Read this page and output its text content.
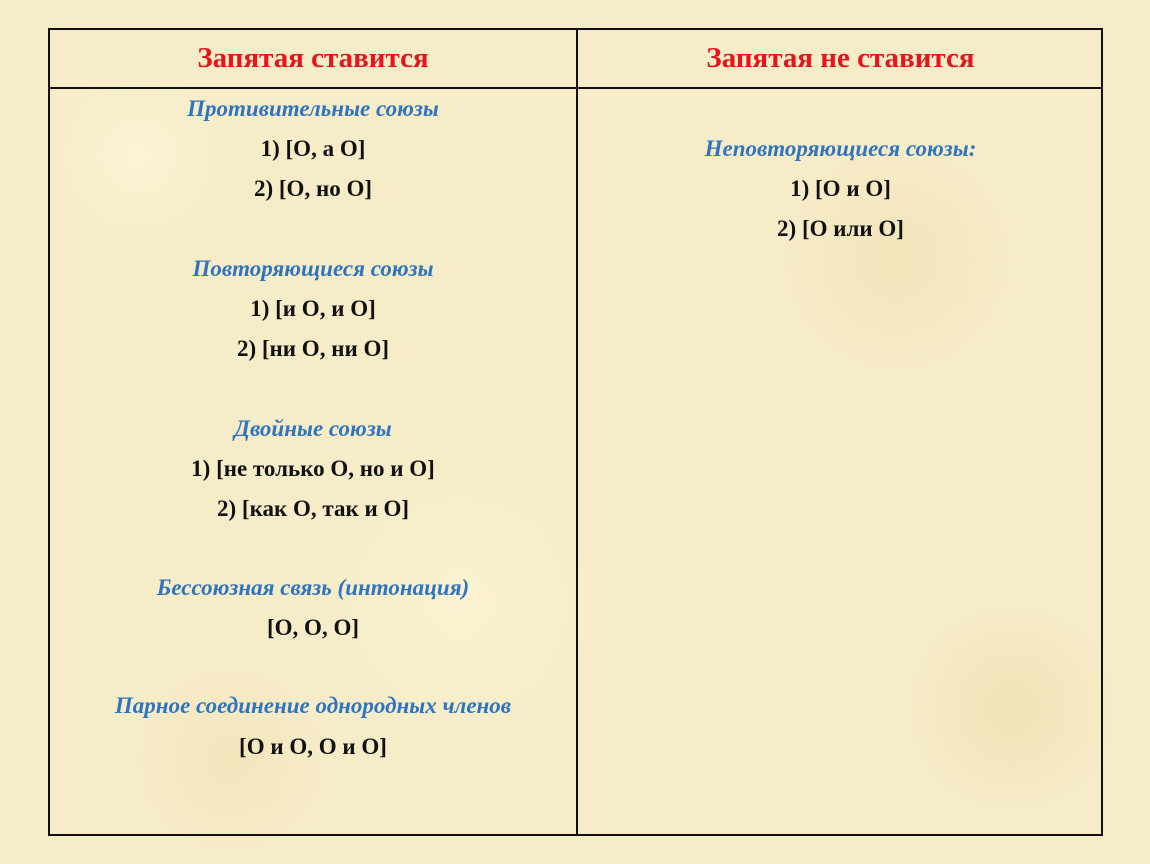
Запятая ставится	Запятая не ставится
Противительные союзы
1) [О, а О]
2) [О, но О]
Повторяющиеся союзы
1) [и О, и О]
2) [ни О, ни О]
Двойные союзы
1) [не только О, но и О]
2) [как О, так и О]
Бессоюзная связь (интонация)
[О, О, О]
Парное соединение однородных членов
[О и О, О и О]
Неповторяющиеся союзы:
1) [О и О]
2) [О или О]
